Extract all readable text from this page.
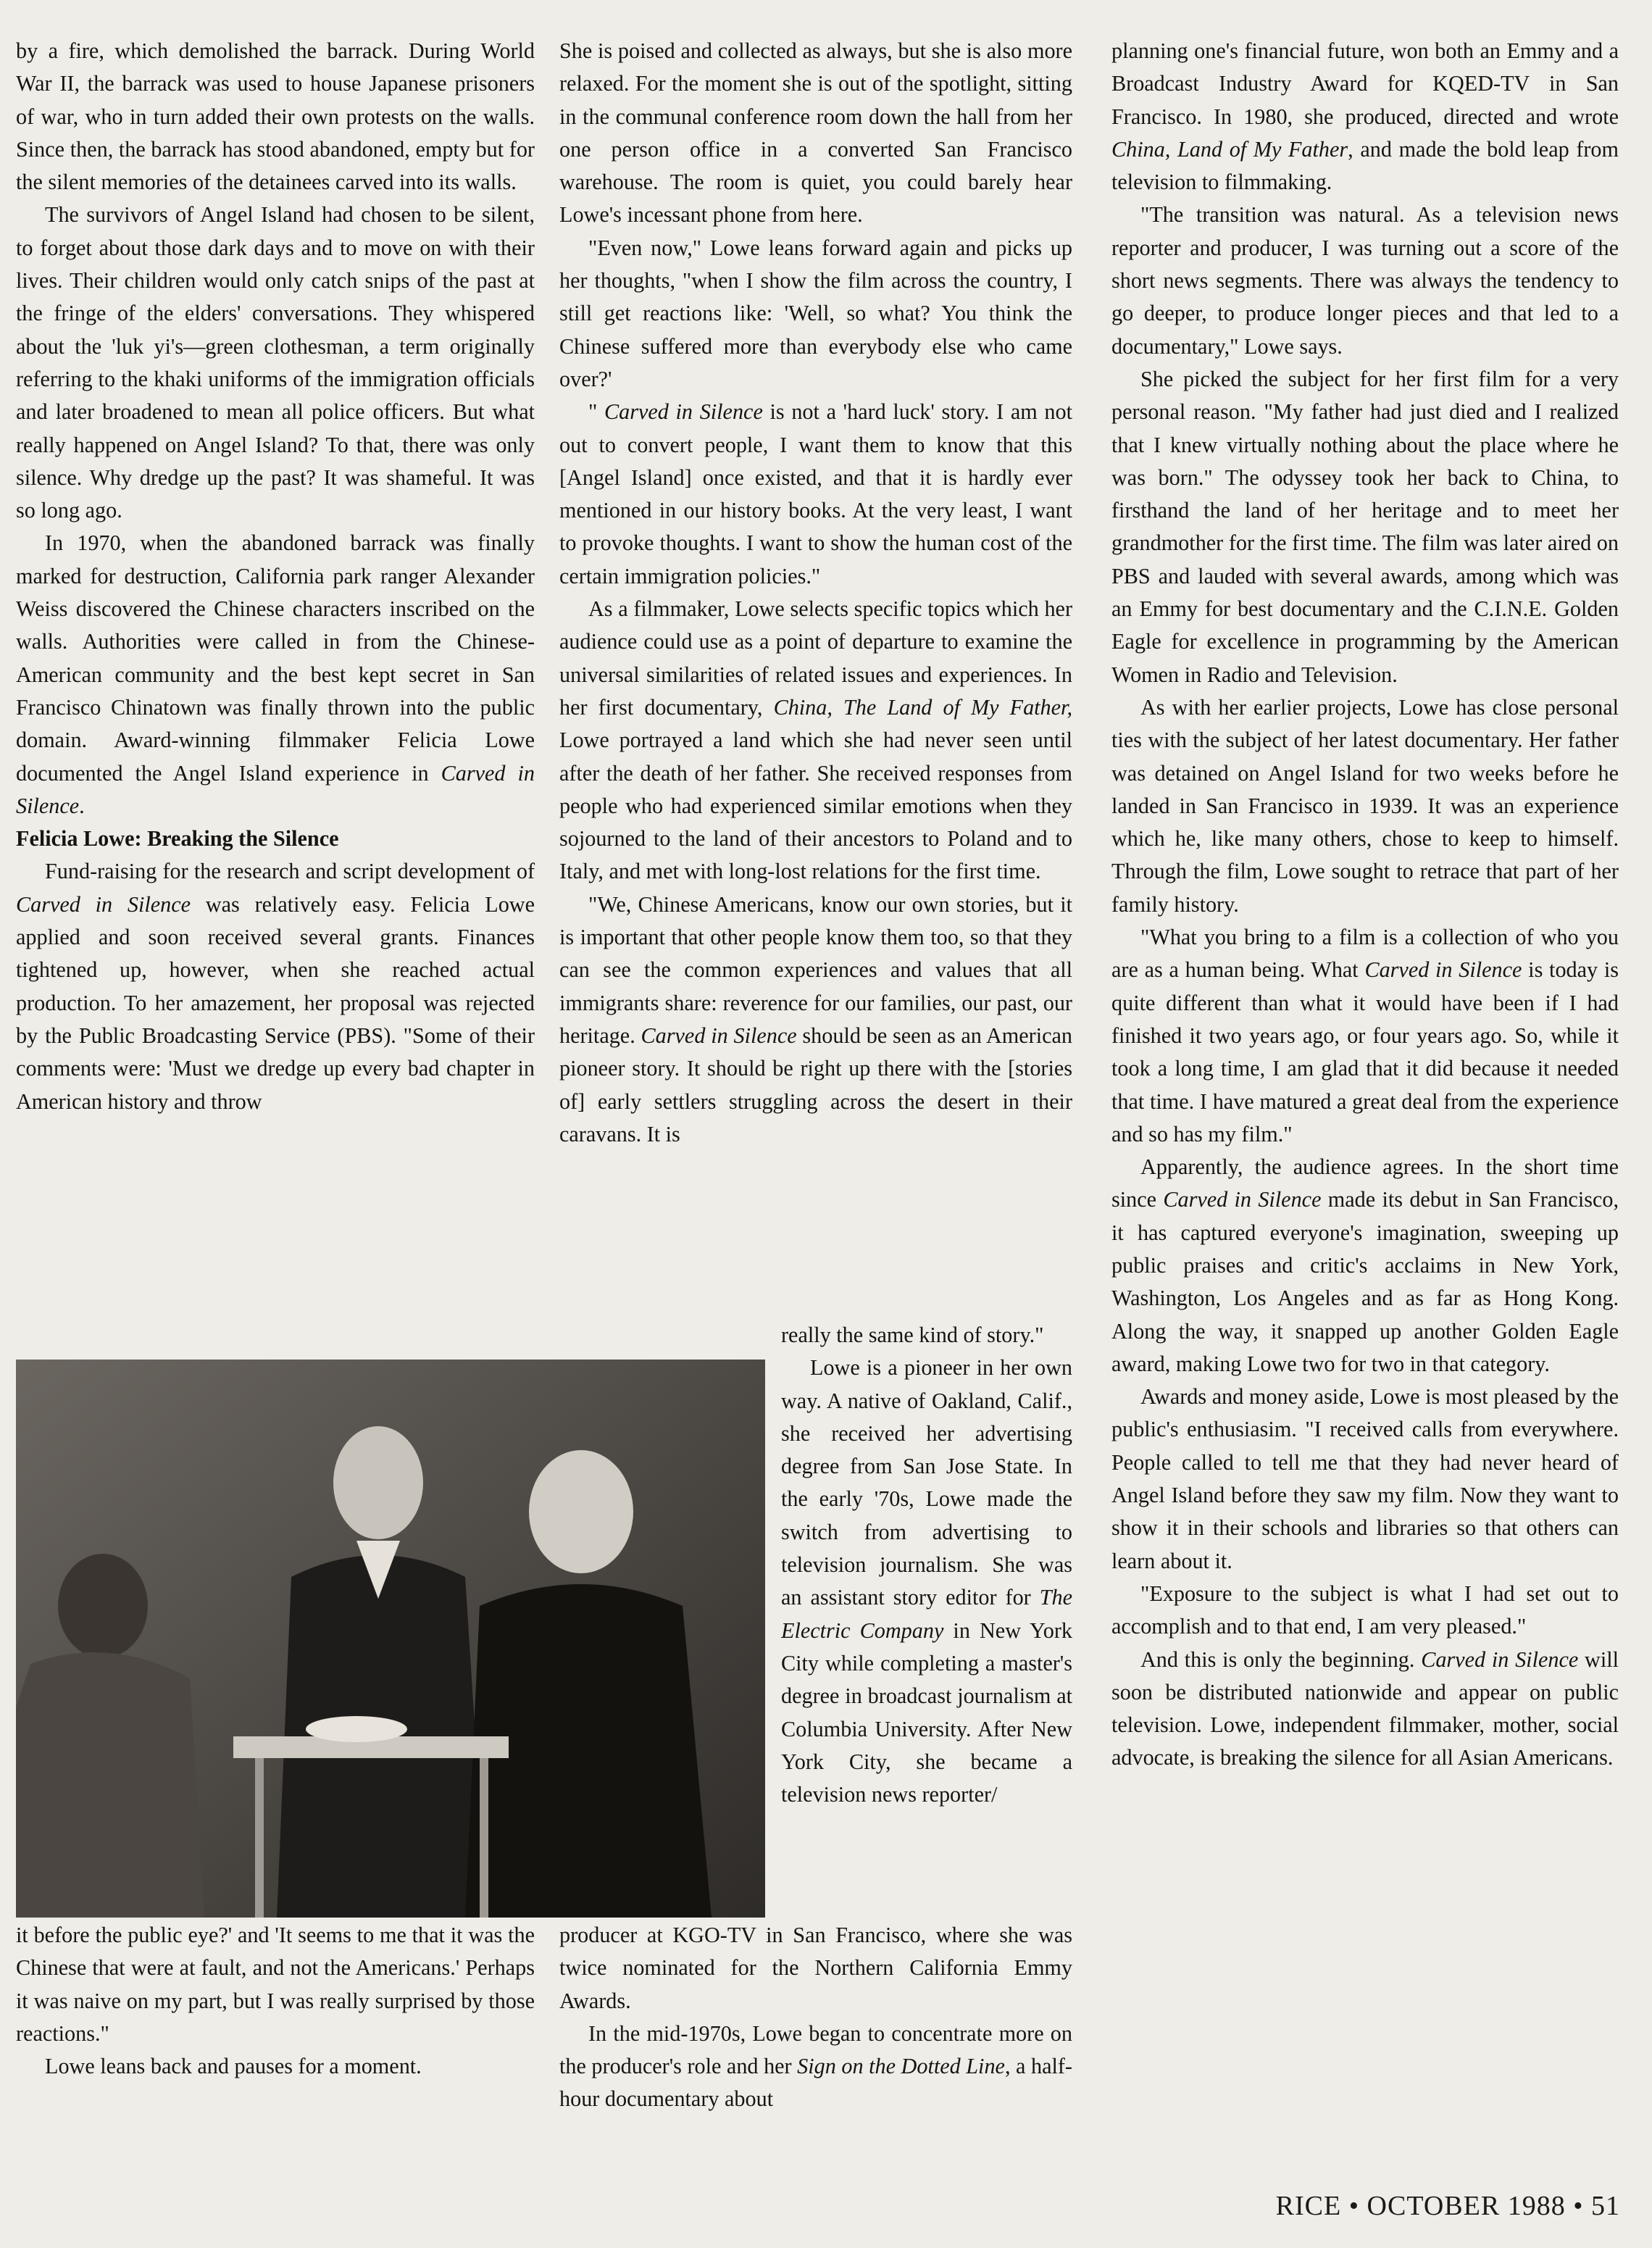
by a fire, which demolished the barrack. During World War II, the barrack was used to house Japanese prisoners of war, who in turn added their own protests on the walls. Since then, the barrack has stood abandoned, empty but for the silent memories of the detainees carved into its walls.

The survivors of Angel Island had chosen to be silent, to forget about those dark days and to move on with their lives. Their children would only catch snips of the past at the fringe of the elders' conversations. They whispered about the 'luk yi's—green clothesman, a term originally referring to the khaki uniforms of the immigration officials and later broadened to mean all police officers. But what really happened on Angel Island? To that, there was only silence. Why dredge up the past? It was shameful. It was so long ago.

In 1970, when the abandoned barrack was finally marked for destruction, California park ranger Alexander Weiss discovered the Chinese characters inscribed on the walls. Authorities were called in from the Chinese-American community and the best kept secret in San Francisco Chinatown was finally thrown into the public domain. Award-winning filmmaker Felicia Lowe documented the Angel Island experience in Carved in Silence.

Felicia Lowe: Breaking the Silence

Fund-raising for the research and script development of Carved in Silence was relatively easy. Felicia Lowe applied and soon received several grants. Finances tightened up, however, when she reached actual production. To her amazement, her proposal was rejected by the Public Broadcasting Service (PBS). "Some of their comments were: 'Must we dredge up every bad chapter in American history and throw

She is poised and collected as always, but she is also more relaxed. For the moment she is out of the spotlight, sitting in the communal conference room down the hall from her one person office in a converted San Francisco warehouse. The room is quiet, you could barely hear Lowe's incessant phone from here.

"Even now," Lowe leans forward again and picks up her thoughts, "when I show the film across the country, I still get reactions like: 'Well, so what? You think the Chinese suffered more than everybody else who came over?'

" Carved in Silence is not a 'hard luck' story. I am not out to convert people, I want them to know that this [Angel Island] once existed, and that it is hardly ever mentioned in our history books. At the very least, I want to provoke thoughts. I want to show the human cost of the certain immigration policies."

As a filmmaker, Lowe selects specific topics which her audience could use as a point of departure to examine the universal similarities of related issues and experiences. In her first documentary, China, The Land of My Father, Lowe portrayed a land which she had never seen until after the death of her father. She received responses from people who had experienced similar emotions when they sojourned to the land of their ancestors to Poland and to Italy, and met with long-lost relations for the first time.

"We, Chinese Americans, know our own stories, but it is important that other people know them too, so that they can see the common experiences and values that all immigrants share: reverence for our families, our past, our heritage. Carved in Silence should be seen as an American pioneer story. It should be right up there with the [stories of] early settlers struggling across the desert in their caravans. It is

really the same kind of story."

Lowe is a pioneer in her own way. A native of Oakland, Calif., she received her advertising degree from San Jose State. In the early '70s, Lowe made the switch from advertising to television journalism. She was an assistant story editor for The Electric Company in New York City while completing a master's degree in broadcast journalism at Columbia University. After New York City, she became a television news reporter/

it before the public eye?' and 'It seems to me that it was the Chinese that were at fault, and not the Americans.' Perhaps it was naive on my part, but I was really surprised by those reactions."

Lowe leans back and pauses for a moment.

producer at KGO-TV in San Francisco, where she was twice nominated for the Northern California Emmy Awards.

In the mid-1970s, Lowe began to concentrate more on the producer's role and her Sign on the Dotted Line, a half-hour documentary about

planning one's financial future, won both an Emmy and a Broadcast Industry Award for KQED-TV in San Francisco. In 1980, she produced, directed and wrote China, Land of My Father, and made the bold leap from television to filmmaking.

"The transition was natural. As a television news reporter and producer, I was turning out a score of the short news segments. There was always the tendency to go deeper, to produce longer pieces and that led to a documentary," Lowe says.

She picked the subject for her first film for a very personal reason. "My father had just died and I realized that I knew virtually nothing about the place where he was born." The odyssey took her back to China, to firsthand the land of her heritage and to meet her grandmother for the first time. The film was later aired on PBS and lauded with several awards, among which was an Emmy for best documentary and the C.I.N.E. Golden Eagle for excellence in programming by the American Women in Radio and Television.

As with her earlier projects, Lowe has close personal ties with the subject of her latest documentary. Her father was detained on Angel Island for two weeks before he landed in San Francisco in 1939. It was an experience which he, like many others, chose to keep to himself. Through the film, Lowe sought to retrace that part of her family history.

"What you bring to a film is a collection of who you are as a human being. What Carved in Silence is today is quite different than what it would have been if I had finished it two years ago, or four years ago. So, while it took a long time, I am glad that it did because it needed that time. I have matured a great deal from the experience and so has my film."

Apparently, the audience agrees. In the short time since Carved in Silence made its debut in San Francisco, it has captured everyone's imagination, sweeping up public praises and critic's acclaims in New York, Washington, Los Angeles and as far as Hong Kong. Along the way, it snapped up another Golden Eagle award, making Lowe two for two in that category.

Awards and money aside, Lowe is most pleased by the public's enthusiasim. "I received calls from everywhere. People called to tell me that they had never heard of Angel Island before they saw my film. Now they want to show it in their schools and libraries so that others can learn about it.

"Exposure to the subject is what I had set out to accomplish and to that end, I am very pleased."

And this is only the beginning. Carved in Silence will soon be distributed nationwide and appear on public television. Lowe, independent filmmaker, mother, social advocate, is breaking the silence for all Asian Americans.

RICE • OCTOBER 1988 • 51
